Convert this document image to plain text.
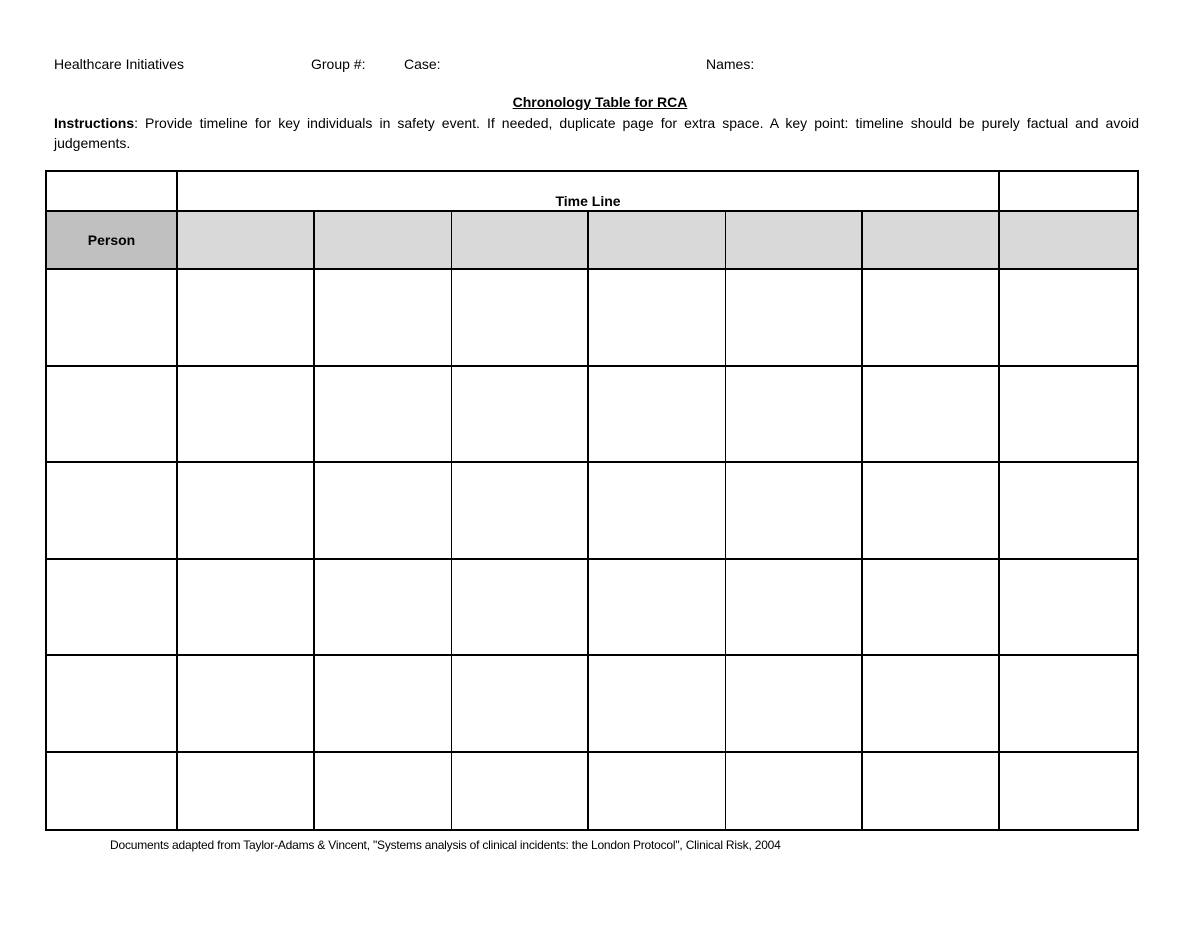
Healthcare Initiatives	Group #:	Case:	Names:
Chronology Table for RCA
Instructions: Provide timeline for key individuals in safety event. If needed, duplicate page for extra space. A key point: timeline should be purely factual and avoid judgements.
	Time Line						
Person							

Documents adapted from Taylor-Adams & Vincent, "Systems analysis of clinical incidents: the London Protocol", Clinical Risk, 2004
